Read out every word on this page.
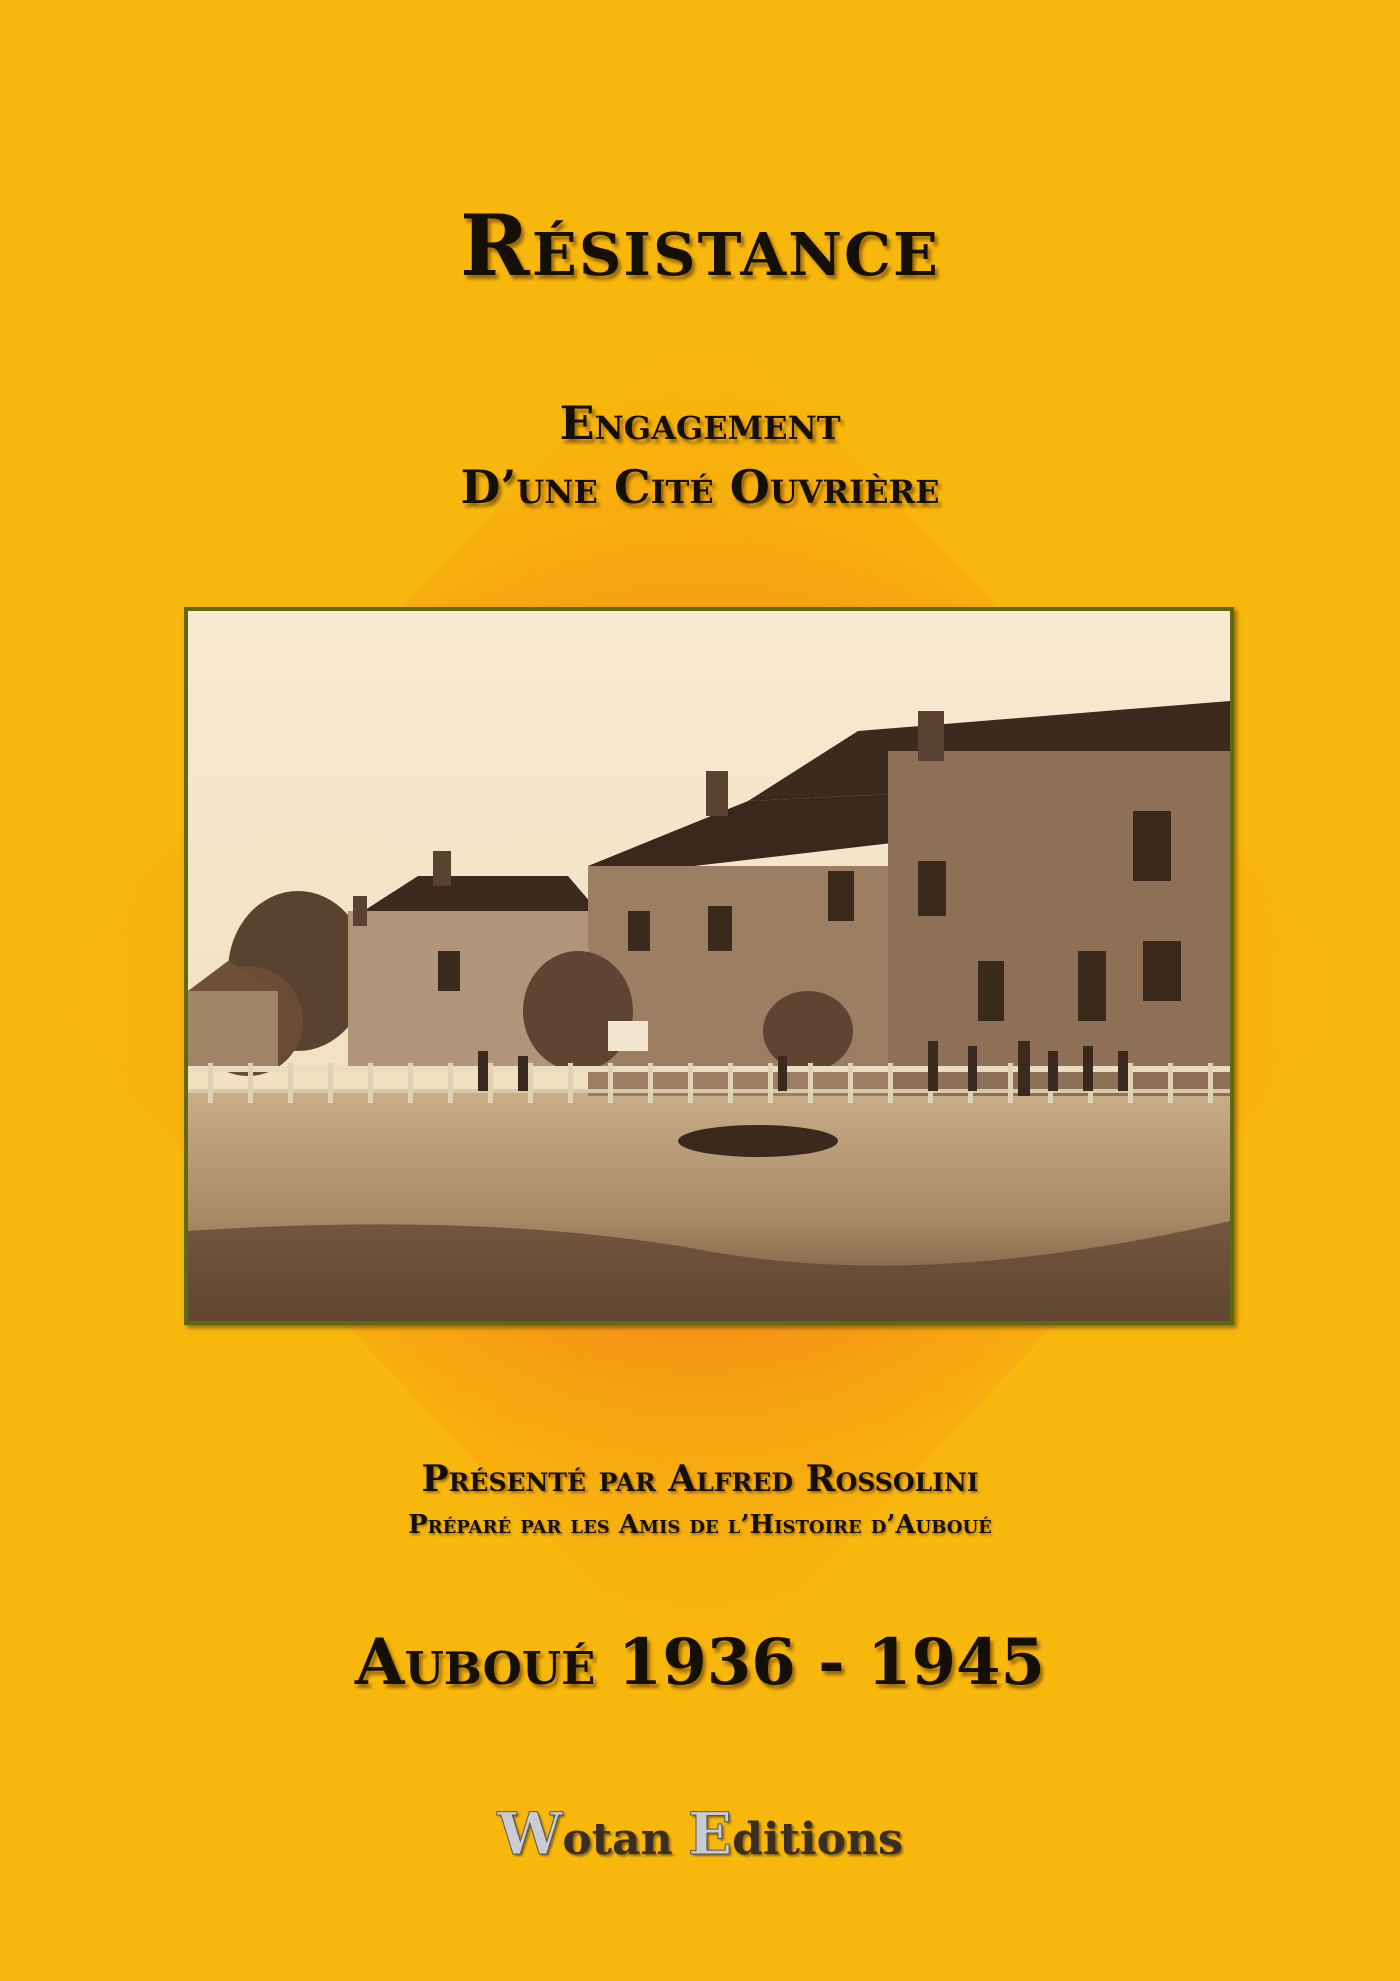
Résistance
Engagement
D’une Cité Ouvrière

Présenté par Alfred Rossolini

Préparé par les Amis de l’Histoire d’Auboué

Auboué 1936 - 1945

Wotan Editions
